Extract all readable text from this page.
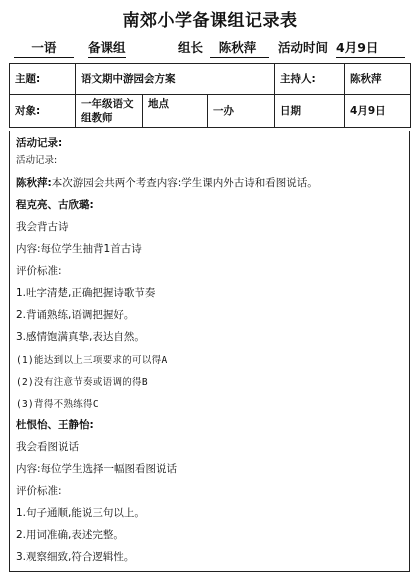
南郊小学备课组记录表
一语	备课组	组长	陈秋萍	活动时间 4月9日
主题:	语文期中游园会方案			主持人:	陈秋萍
对象:	一年级语文组教师	地点	一办	日期	4月9日
活动记录:
活动记录:
陈秋萍:本次游园会共两个考查内容:学生课内外古诗和看图说话。
程克亮、古欣璐:
我会背古诗
内容:每位学生抽背1首古诗
评价标准:
1.吐字清楚,正确把握诗歌节奏
2.背诵熟练,语调把握好。
3.感情饱满真挚,表达自然。
(1)能达到以上三项要求的可以得A
(2)没有注意节奏或语调的得B
(3)背得不熟练得C
杜恨怡、王静怡:
我会看图说话
内容:每位学生选择一幅图看图说话
评价标准:
1.句子通顺,能说三句以上。
2.用词准确,表述完整。
3.观察细致,符合逻辑性。
